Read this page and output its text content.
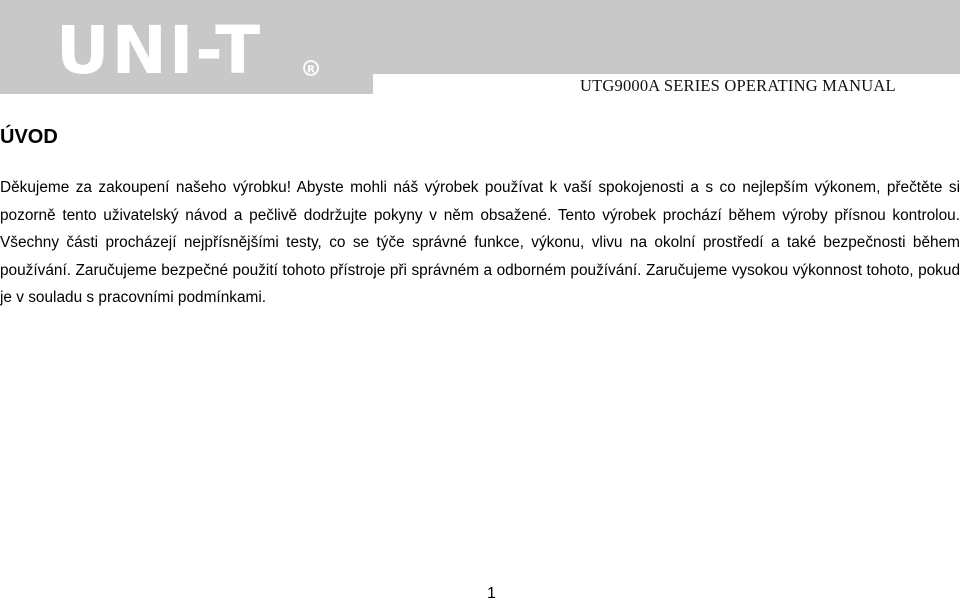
UNI-T	R
UTG9000A SERIES OPERATING MANUAL
ÚVOD

Děkujeme za zakoupení našeho výrobku! Abyste mohli náš výrobek používat k vaší spokojenosti a s co nejlepším výkonem, přečtěte si pozorně tento uživatelský návod a pečlivě dodržujte pokyny v něm obsažené. Tento výrobek prochází během výroby přísnou kontrolou. Všechny části procházejí nejpřísnějšími testy, co se týče správné funkce, výkonu, vlivu na okolní prostředí a také bezpečnosti během používání. Zaručujeme bezpečné použití tohoto přístroje při správném a odborném používání. Zaručujeme vysokou výkonnost tohoto, pokud je v souladu s pracovními podmínkami.

1
